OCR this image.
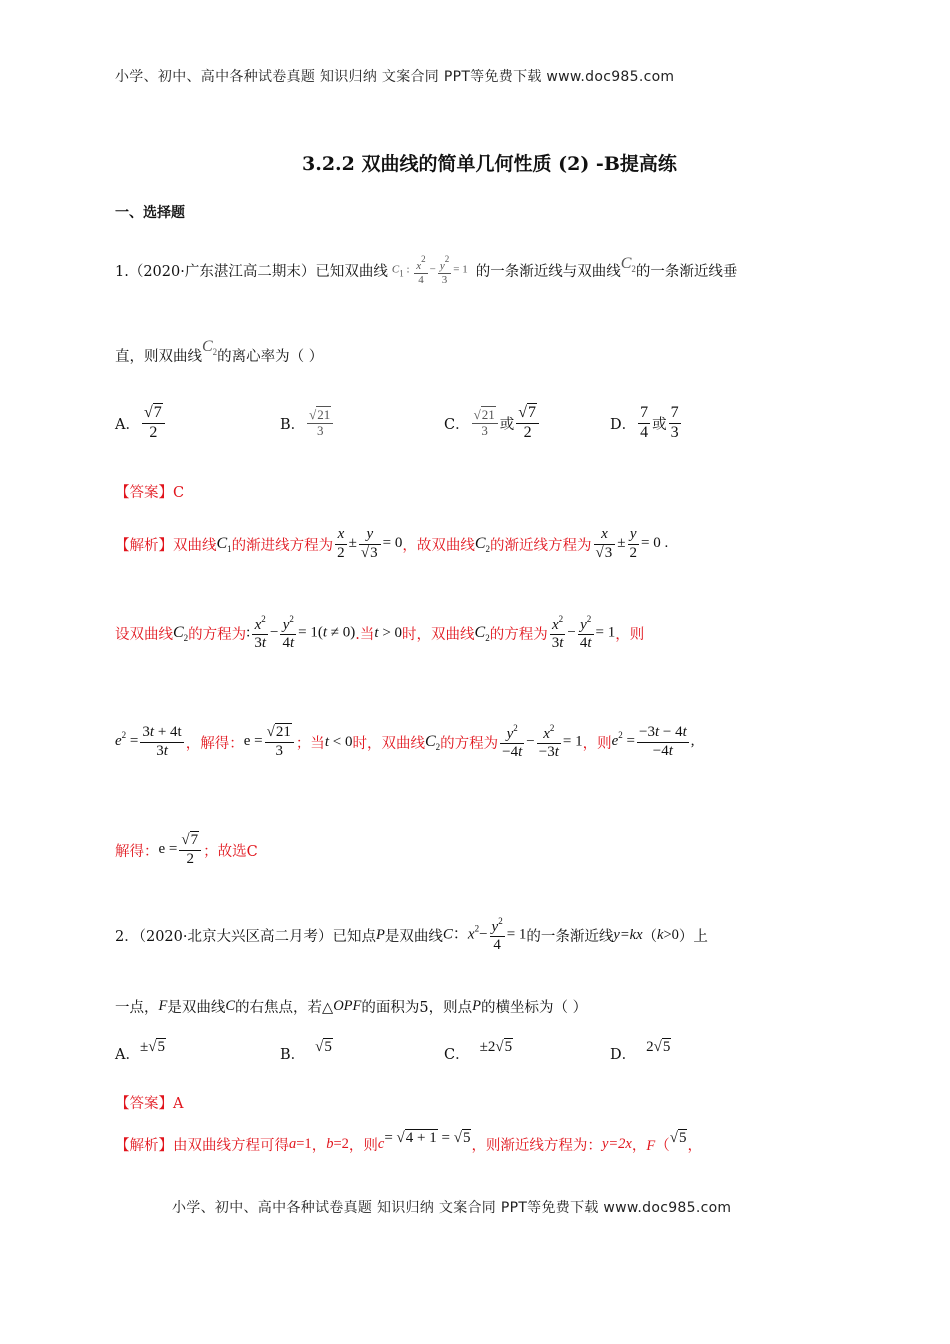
小学、初中、高中各种试卷真题 知识归纳 文案合同 PPT等免费下载 www.doc985.com
3.2.2 双曲线的简单几何性质 (2) -B提高练
一、选择题
1.（2020·广东湛江高二期末）已知双曲线 $C_1$ : $\frac{x^2}{4} - \frac{y^2}{3} = 1$ 的一条渐近线与双曲线 $C_2$ 的一条渐近线垂
直，则双曲线
$C_2$ 的离心率为（ ）
A． $\frac{√7}{2}$	B． $\frac{√21}{3}$	C． $\frac{√21}{3}$ 或 $\frac{√7}{2}$	D． $\frac{7}{4}$ 或 $\frac{7}{3}$
【答案】C
【解析】 双曲线 $C_1$ 的渐进线方程为 $\frac{x}{2} \pm \frac{y}{√3} = 0$ ，故双曲线 $C_2$ 的渐近线方程为 $\frac{x}{√3} \pm \frac{y}{2} = 0$ .
设双曲线 $C_2$ 的方程为 : $\frac{x^2}{3t} - \frac{y^2}{4t} = 1(t \ne 0)$ .当 t > 0 时，双曲线 $C_2$ 的方程为 $\frac{x^2}{3t} - \frac{y^2}{4t} = 1$ ，则
$e^2 = \frac{3t + 4t}{3t}$ ，解得： $e = \frac{√21}{3}$ ；当 t < 0 时，双曲线 $C_2$ 的方程为 $\frac{y^2}{-4t} - \frac{x^2}{-3t} = 1$ ，则 $e^2 = \frac{-3t - 4t}{-4t}$ ,
解得： $e = \frac{√7}{2}$ ；故选C
2．（2020·北京大兴区高二月考）已知点 P 是双曲线 C：$x^2- \frac{y^2}{4} = 1$ 的一条渐近线 y=kx （ k>0 ）上
一点， F 是双曲线 C 的右焦点，若△ OPF 的面积为5，则点 P 的横坐标为（ ）
A． ±√5	B． √5	C． ±2√5	D． 2√5
【答案】A
【解析】 由双曲线方程可得 a=1 ， b=2 ，则 c = √4 + 1 = √5 ，则渐近线方程为： y=2x ，F（ √5 ，
小学、初中、高中各种试卷真题 知识归纳 文案合同 PPT等免费下载 www.doc985.com
